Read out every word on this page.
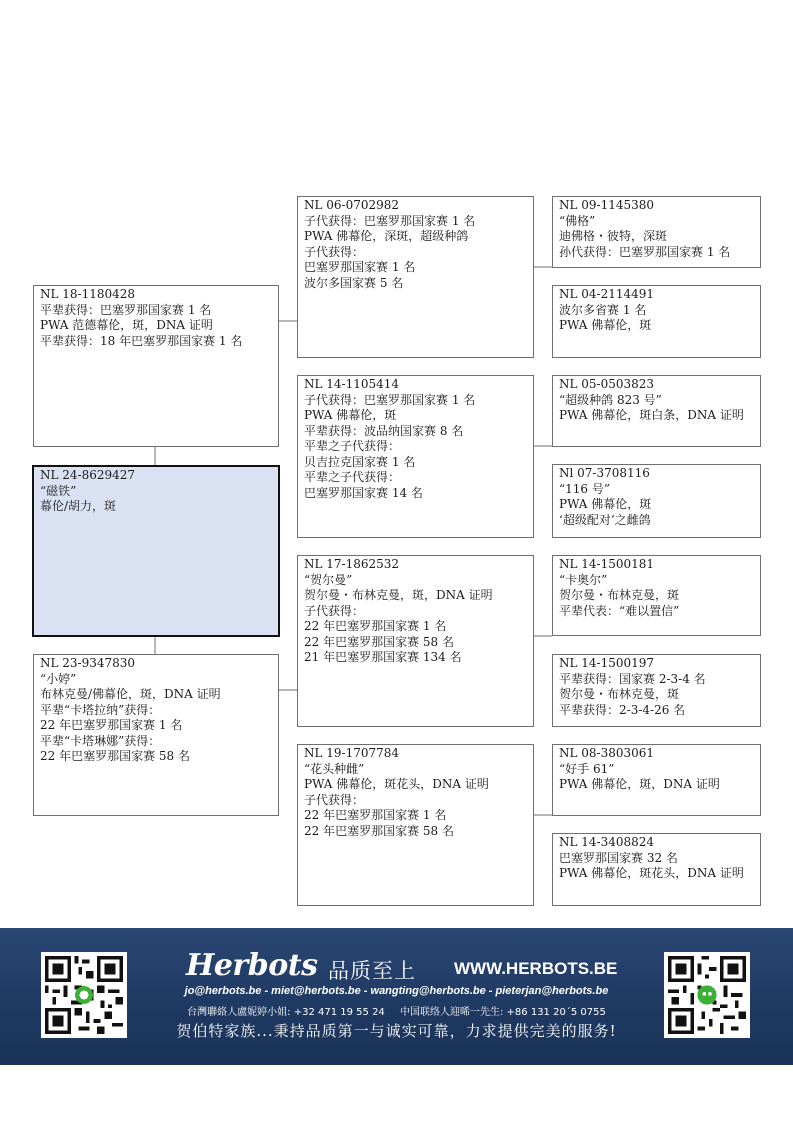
NL 18-1180428
平辈获得：巴塞罗那国家赛 1 名
PWA 范德幕伦，斑，DNA 证明
平辈获得：18 年巴塞罗那国家赛 1 名
NL 24-8629427
“磁铁”
幕伦/胡力，斑
NL 23-9347830
“小婷”
布林克曼/佛幕伦，斑，DNA 证明
平辈“卡塔拉纳”获得：
22 年巴塞罗那国家赛 1 名
平辈“卡塔琳娜”获得：
22 年巴塞罗那国家赛 58 名
NL 06-0702982
子代获得：巴塞罗那国家赛 1 名
PWA 佛幕伦，深斑，超级种鸽
子代获得：
巴塞罗那国家赛 1 名
波尔多国家赛 5 名
NL 14-1105414
子代获得：巴塞罗那国家赛 1 名
PWA 佛幕伦，斑
平辈获得：波品纳国家赛 8 名
平辈之子代获得：
贝吉拉克国家赛 1 名
平辈之子代获得：
巴塞罗那国家赛 14 名
NL 17-1862532
“贺尔曼”
贺尔曼・布林克曼，斑，DNA 证明
子代获得：
22 年巴塞罗那国家赛 1 名
22 年巴塞罗那国家赛 58 名
21 年巴塞罗那国家赛 134 名
NL 19-1707784
“花头种雌”
PWA 佛幕伦，斑花头，DNA 证明
子代获得：
22 年巴塞罗那国家赛 1 名
22 年巴塞罗那国家赛 58 名
NL 09-1145380
“佛格”
迪佛格・彼特，深斑
孙代获得：巴塞罗那国家赛 1 名
NL 04-2114491
波尔多省赛 1 名
PWA 佛幕伦，斑
NL 05-0503823
“超级种鸽 823 号”
PWA 佛幕伦，斑白条，DNA 证明
Nl 07-3708116
“116 号”
PWA 佛幕伦，斑
‘超级配对’之雌鸽
NL 14-1500181
“卡奥尔”
贺尔曼・布林克曼，斑
平辈代表：“难以置信”
NL 14-1500197
平辈获得：国家赛 2-3-4 名
贺尔曼・布林克曼，斑
平辈获得：2-3-4-26 名
NL 08-3803061
“好手 61”
PWA 佛幕伦，斑，DNA 证明
NL 14-3408824
巴塞罗那国家赛 32 名
PWA 佛幕伦，斑花头，DNA 证明
Herbots 品质至上 WWW.HERBOTS.BE
jo@herbots.be - miet@herbots.be - wangting@herbots.be - pieterjan@herbots.be
台灣聯絡人盧妮婷小姐: +32 471 19 55 24 中国联络人迎晞一先生: +86 131 20´5 0755
贺伯特家族...秉持品质第一与诚实可靠，力求提供完美的服务!
